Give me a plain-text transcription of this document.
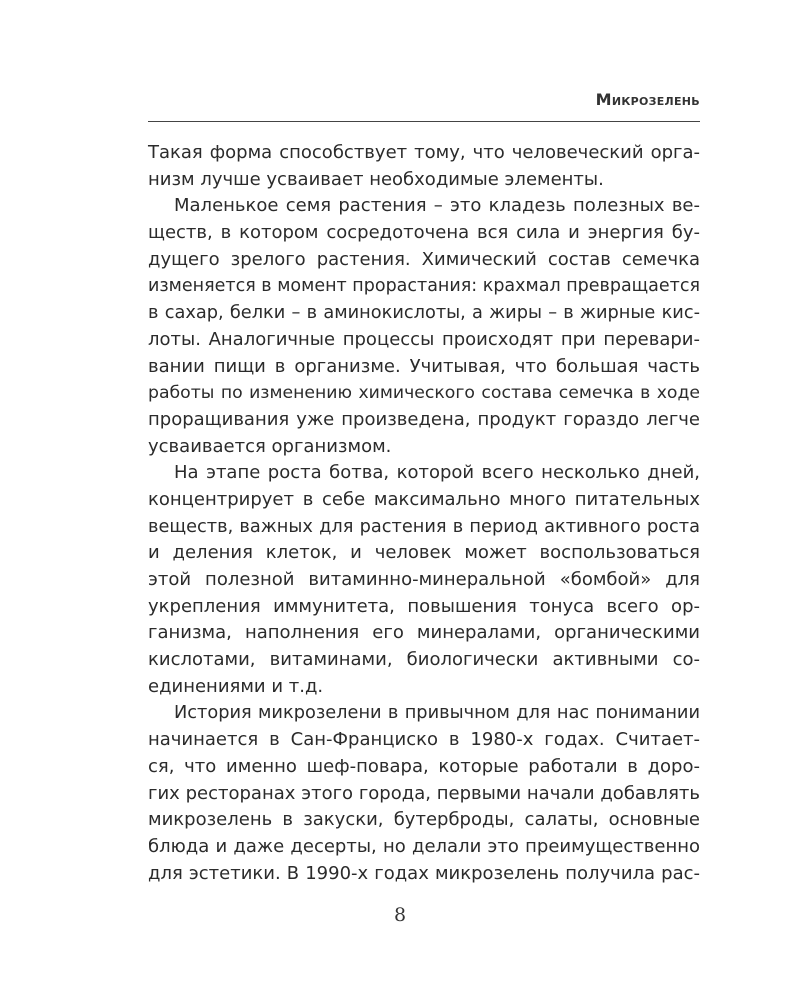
Микрозелень
Такая форма способствует тому, что человеческий орга-
низм лучше усваивает необходимые элементы.
Маленькое семя растения – это кладезь полезных ве-
ществ, в котором сосредоточена вся сила и энергия бу-
дущего зрелого растения. Химический состав семечка
изменяется в момент прорастания: крахмал превращается
в сахар, белки – в аминокислоты, а жиры – в жирные кис-
лоты. Аналогичные процессы происходят при перевари-
вании пищи в организме. Учитывая, что большая часть
работы по изменению химического состава семечка в ходе
проращивания уже произведена, продукт гораздо легче
усваивается организмом.
На этапе роста ботва, которой всего несколько дней,
концентрирует в себе максимально много питательных
веществ, важных для растения в период активного роста
и деления клеток, и человек может воспользоваться
этой полезной витаминно-минеральной «бомбой» для
укрепления иммунитета, повышения тонуса всего ор-
ганизма, наполнения его минералами, органическими
кислотами, витаминами, биологически активными со-
единениями и т.д.
История микрозелени в привычном для нас понимании
начинается в Сан-Франциско в 1980-х годах. Считает-
ся, что именно шеф-повара, которые работали в доро-
гих ресторанах этого города, первыми начали добавлять
микрозелень в закуски, бутерброды, салаты, основные
блюда и даже десерты, но делали это преимущественно
для эстетики. В 1990-х годах микрозелень получила рас-
8
